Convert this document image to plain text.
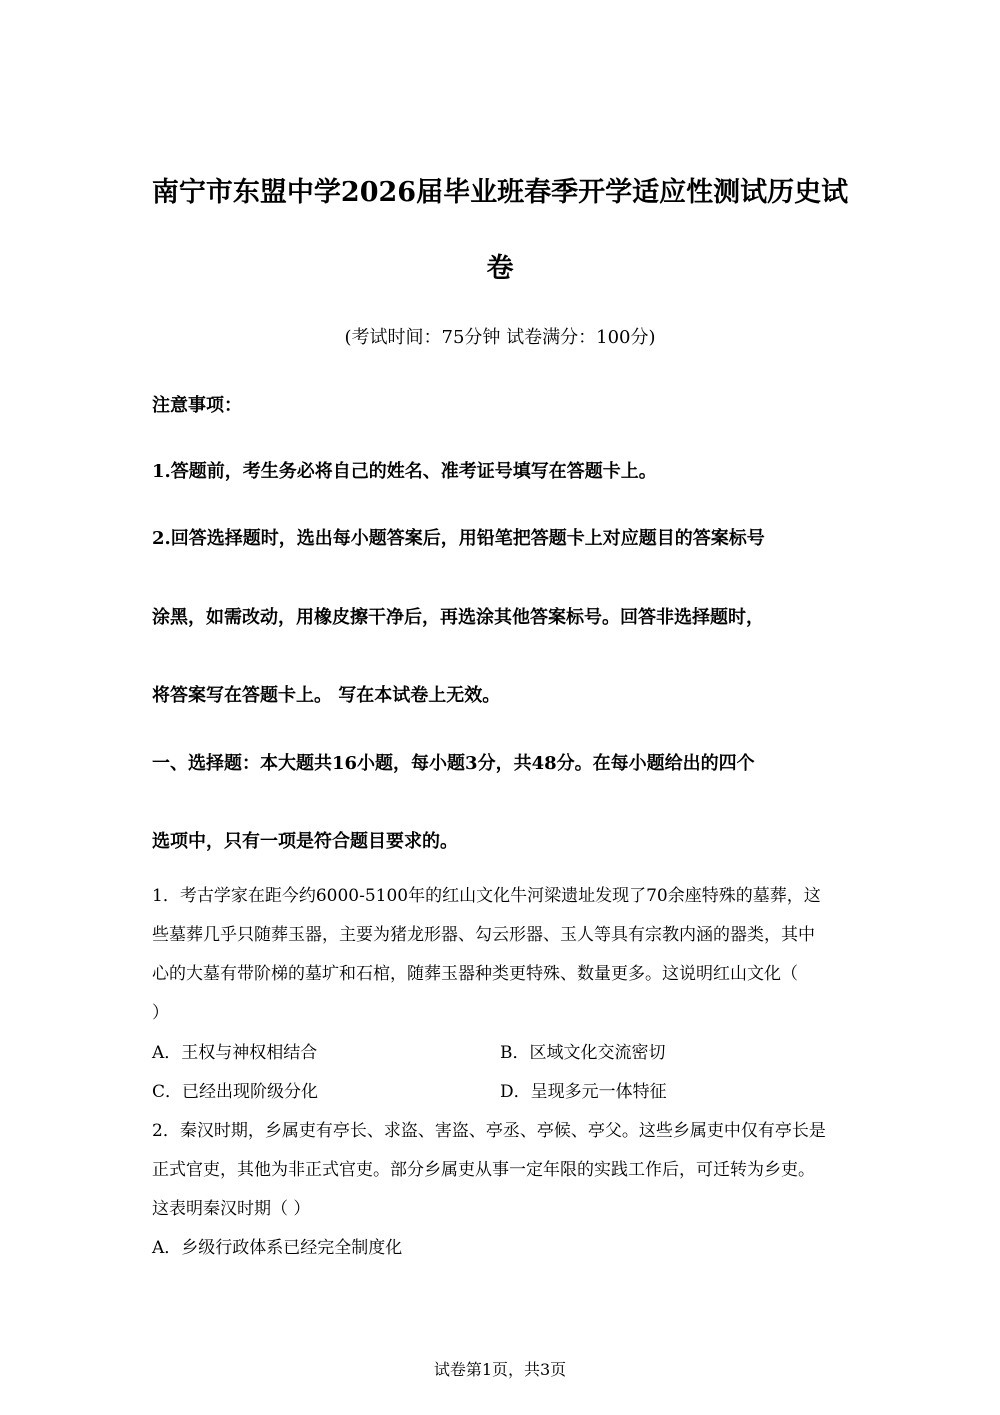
南宁市东盟中学2026届毕业班春季开学适应性测试历史试
卷
(考试时间：75分钟 试卷满分：100分)
注意事项：
1.答题前，考生务必将自己的姓名、准考证号填写在答题卡上。
2.回答选择题时，选出每小题答案后，用铅笔把答题卡上对应题目的答案标号
涂黑，如需改动，用橡皮擦干净后，再选涂其他答案标号。回答非选择题时，
将答案写在答题卡上。 写在本试卷上无效。
一、选择题：本大题共16小题，每小题3分，共48分。在每小题给出的四个
选项中，只有一项是符合题目要求的。
1．考古学家在距今约6000-5100年的红山文化牛河梁遗址发现了70余座特殊的墓葬，这
些墓葬几乎只随葬玉器，主要为猪龙形器、勾云形器、玉人等具有宗教内涵的器类，其中
心的大墓有带阶梯的墓圹和石棺，随葬玉器种类更特殊、数量更多。这说明红山文化（
）
A．王权与神权相结合	B．区域文化交流密切
C．已经出现阶级分化	D．呈现多元一体特征
2．秦汉时期，乡属吏有亭长、求盗、害盗、亭丞、亭候、亭父。这些乡属吏中仅有亭长是
正式官吏，其他为非正式官吏。部分乡属吏从事一定年限的实践工作后，可迁转为乡吏。
这表明秦汉时期（ ）
A．乡级行政体系已经完全制度化
试卷第1页，共3页
